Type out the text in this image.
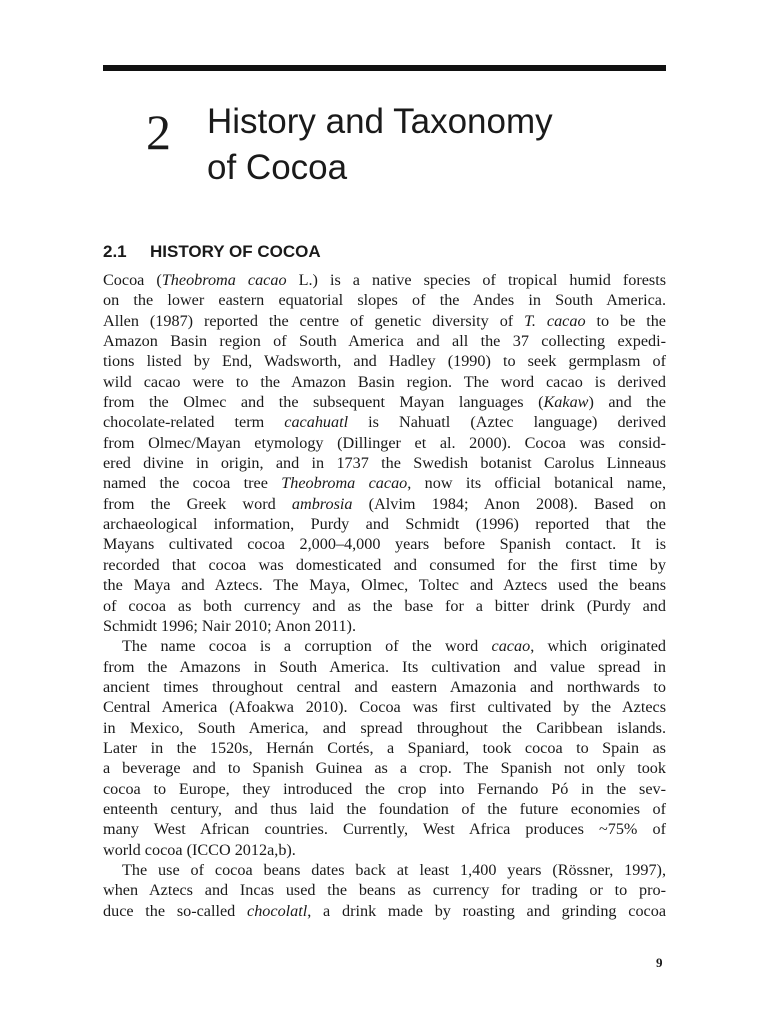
2 History and Taxonomy
of Cocoa
2.1 HISTORY OF COCOA
Cocoa (Theobroma cacao L.) is a native species of tropical humid forests
on the lower eastern equatorial slopes of the Andes in South America.
Allen (1987) reported the centre of genetic diversity of T. cacao to be the
Amazon Basin region of South America and all the 37 collecting expedi-
tions listed by End, Wadsworth, and Hadley (1990) to seek germplasm of
wild cacao were to the Amazon Basin region. The word cacao is derived
from the Olmec and the subsequent Mayan languages (Kakaw) and the
chocolate-related term cacahuatl is Nahuatl (Aztec language) derived
from Olmec/Mayan etymology (Dillinger et al. 2000). Cocoa was consid-
ered divine in origin, and in 1737 the Swedish botanist Carolus Linneaus
named the cocoa tree Theobroma cacao, now its official botanical name,
from the Greek word ambrosia (Alvim 1984; Anon 2008). Based on
archaeological information, Purdy and Schmidt (1996) reported that the
Mayans cultivated cocoa 2,000–4,000 years before Spanish contact. It is
recorded that cocoa was domesticated and consumed for the first time by
the Maya and Aztecs. The Maya, Olmec, Toltec and Aztecs used the beans
of cocoa as both currency and as the base for a bitter drink (Purdy and
Schmidt 1996; Nair 2010; Anon 2011).
The name cocoa is a corruption of the word cacao, which originated
from the Amazons in South America. Its cultivation and value spread in
ancient times throughout central and eastern Amazonia and northwards to
Central America (Afoakwa 2010). Cocoa was first cultivated by the Aztecs
in Mexico, South America, and spread throughout the Caribbean islands.
Later in the 1520s, Hernán Cortés, a Spaniard, took cocoa to Spain as
a beverage and to Spanish Guinea as a crop. The Spanish not only took
cocoa to Europe, they introduced the crop into Fernando Pó in the sev-
enteenth century, and thus laid the foundation of the future economies of
many West African countries. Currently, West Africa produces ~75% of
world cocoa (ICCO 2012a,b).
The use of cocoa beans dates back at least 1,400 years (Rössner, 1997),
when Aztecs and Incas used the beans as currency for trading or to pro-
duce the so-called chocolatl, a drink made by roasting and grinding cocoa
9
